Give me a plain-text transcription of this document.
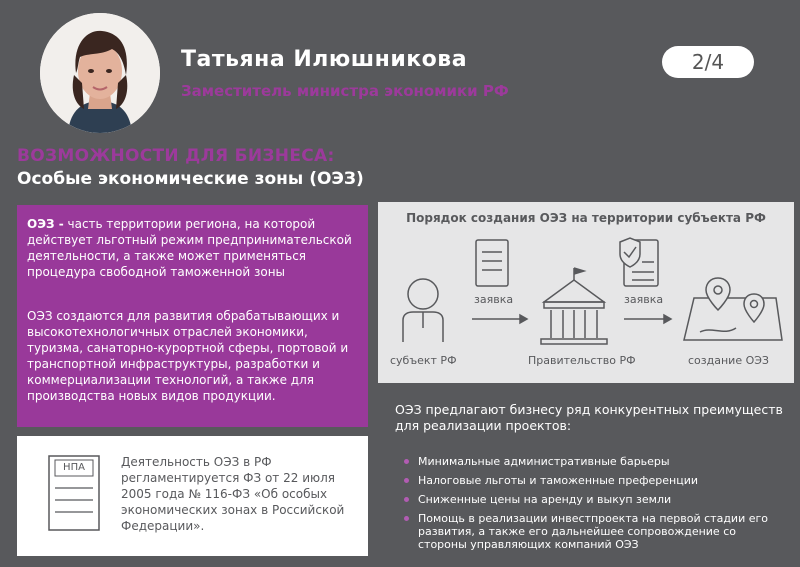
Татьяна Илюшникова
Заместитель министра экономики РФ
2/4
ВОЗМОЖНОСТИ ДЛЯ БИЗНЕСА:
Особые экономические зоны (ОЭЗ)

ОЭЗ - часть территории региона, на которой действует льготный режим предпринимательской деятельности, а также может применяться процедура свободной таможенной зоны

ОЭЗ создаются для развития обрабатывающих и высокотехнологичных отраслей экономики, туризма, санаторно-курортной сферы, портовой и транспортной инфраструктуры, разработки и коммерциализации технологий, а также для производства новых видов продукции.

НПА	Деятельность ОЭЗ в РФ регламентируется ФЗ от 22 июля 2005 года № 116-ФЗ «Об особых экономических зонах в Российской Федерации».
Порядок создания ОЭЗ на территории субъекта РФ
субъект РФ
заявка
Правительство РФ
заявка
создание ОЭЗ
ОЭЗ предлагают бизнесу ряд конкурентных преимуществ для реализации проектов:
Минимальные административные барьеры
Налоговые льготы и таможенные преференции
Сниженные цены на аренду и выкуп земли
Помощь в реализации инвестпроекта на первой стадии его развития, а также его дальнейшее сопровождение со стороны управляющих компаний ОЭЗ
